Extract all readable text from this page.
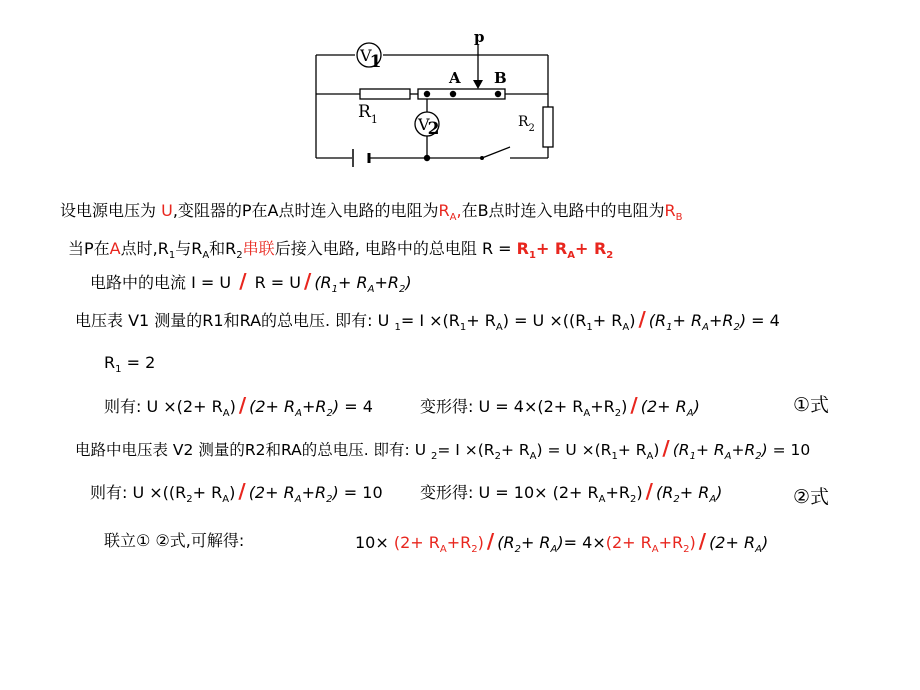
p
V1
V2
A B
$R_1$	$R_2$
设电源电压为 U,变阻器的P在A点时连入电路的电阻为$R_A$,在B点时连入电路中的电阻为$R_B$
当P在A点时$,R_1$与$R_A$和$R_2$串联后接入电路, 电路中的总电阻 $R = R_1+ R_A+ R_2$
电路中的电流 $I = U / R = U / (R_1+ R_A+R_2)$
电压表 V1 测量的R1和RA的总电压. 即有: U $_1= I \times(R_1+ R_A) = U \times((R_1+ R_A) / (R_1+ R_A+R_2) = 4$
$R_1 = 2$
则有: $U \times(2+ R_A) / (2+ R_A+R_2) = 4$	变形得: $U = 4\times(2+ R_A+R_2) / (2+ R_A)$	①式
电路中电压表 V2 测量的R2和RA的总电压. 即有: U $_2= I \times(R_2+ R_A) = U \times(R_1+ R_A) / (R_1+ R_A+R_2) = 10$
则有: $U \times((R_2+ R_A) / (2+ R_A+R_2) = 10$ 变形得: $U = 10\times (2+ R_A+R_2) / (R_2+ R_A)$	②式
联立① ②式,可解得:	$10\times (2+ R_A+R_2) / (R_2+ R_A)= 4\times(2+ R_A+R_2) / (2+ R_A)$
